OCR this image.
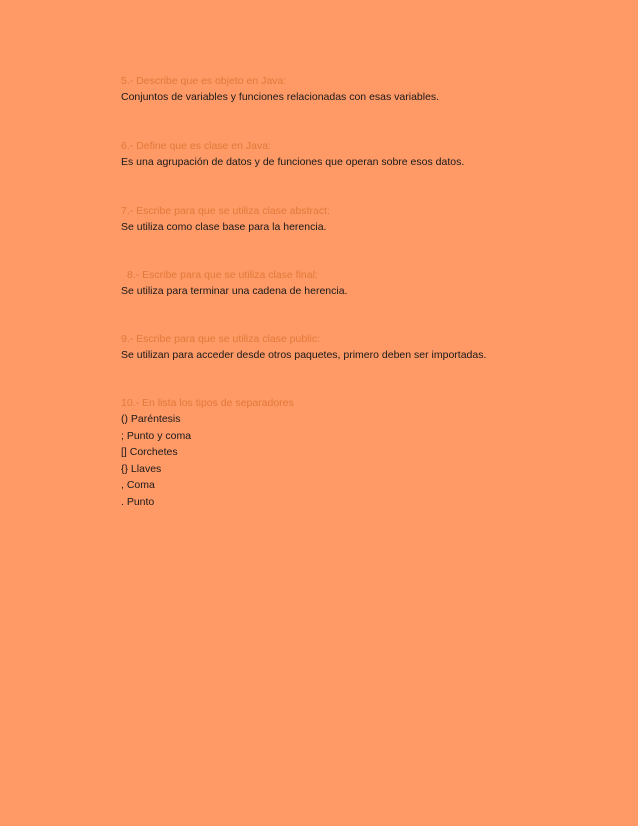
5.- Describe que es objeto en Java:
Conjuntos de variables y funciones relacionadas con esas variables.
6.- Define que es clase en Java:
Es una agrupación de datos y de funciones que operan sobre esos datos.
7.- Escribe para que se utiliza clase abstract:
Se utiliza como clase base para la herencia.
8.- Escribe para que se utiliza clase final:
Se utiliza para terminar una cadena de herencia.
9.- Escribe para que se utiliza clase public:
Se utilizan para acceder desde otros paquetes, primero deben ser importadas.
10.- En lista los tipos de separadores
() Paréntesis
; Punto y coma
[] Corchetes
{} Llaves
, Coma
. Punto
